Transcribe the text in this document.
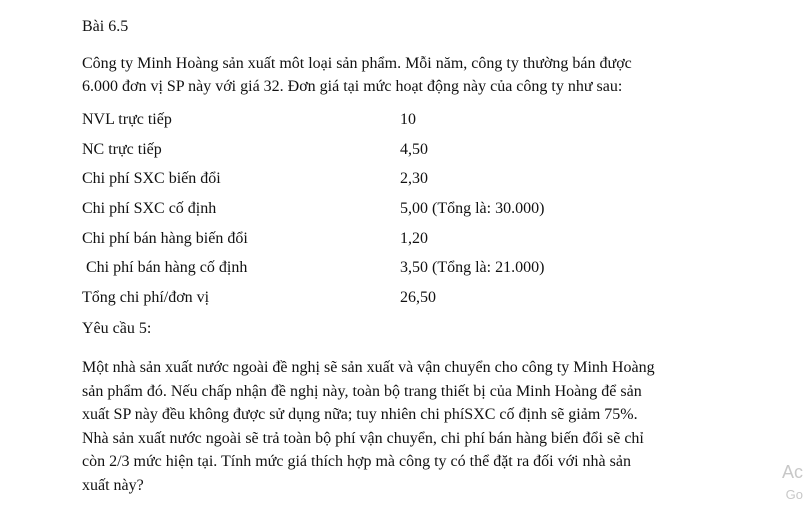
Bài 6.5
Công ty Minh Hoàng sản xuất môt loại sản phẩm. Mỗi năm, công ty thường bán được
6.000 đơn vị SP này với giá 32. Đơn giá tại mức hoạt động này của công ty như sau:
NVL trực tiếp	10
NC trực tiếp	4,50
Chi phí SXC biến đổi	2,30
Chi phí SXC cố định	5,00 (Tổng là: 30.000)
Chi phí bán hàng biến đổi	1,20
Chi phí bán hàng cố định	3,50 (Tổng là: 21.000)
Tổng chi phí/đơn vị	26,50
Yêu cầu 5:
Một nhà sản xuất nước ngoài đề nghị sẽ sản xuất và vận chuyển cho công ty Minh Hoàng
sản phẩm đó. Nếu chấp nhận đề nghị này, toàn bộ trang thiết bị của Minh Hoàng để sản
xuất SP này đều không được sử dụng nữa; tuy nhiên chi phíSXC cố định sẽ giảm 75%.
Nhà sản xuất nước ngoài sẽ trả toàn bộ phí vận chuyển, chi phí bán hàng biến đổi sẽ chỉ
còn 2/3 mức hiện tại. Tính mức giá thích hợp mà công ty có thể đặt ra đối với nhà sản
xuất này?
Ac
Go
